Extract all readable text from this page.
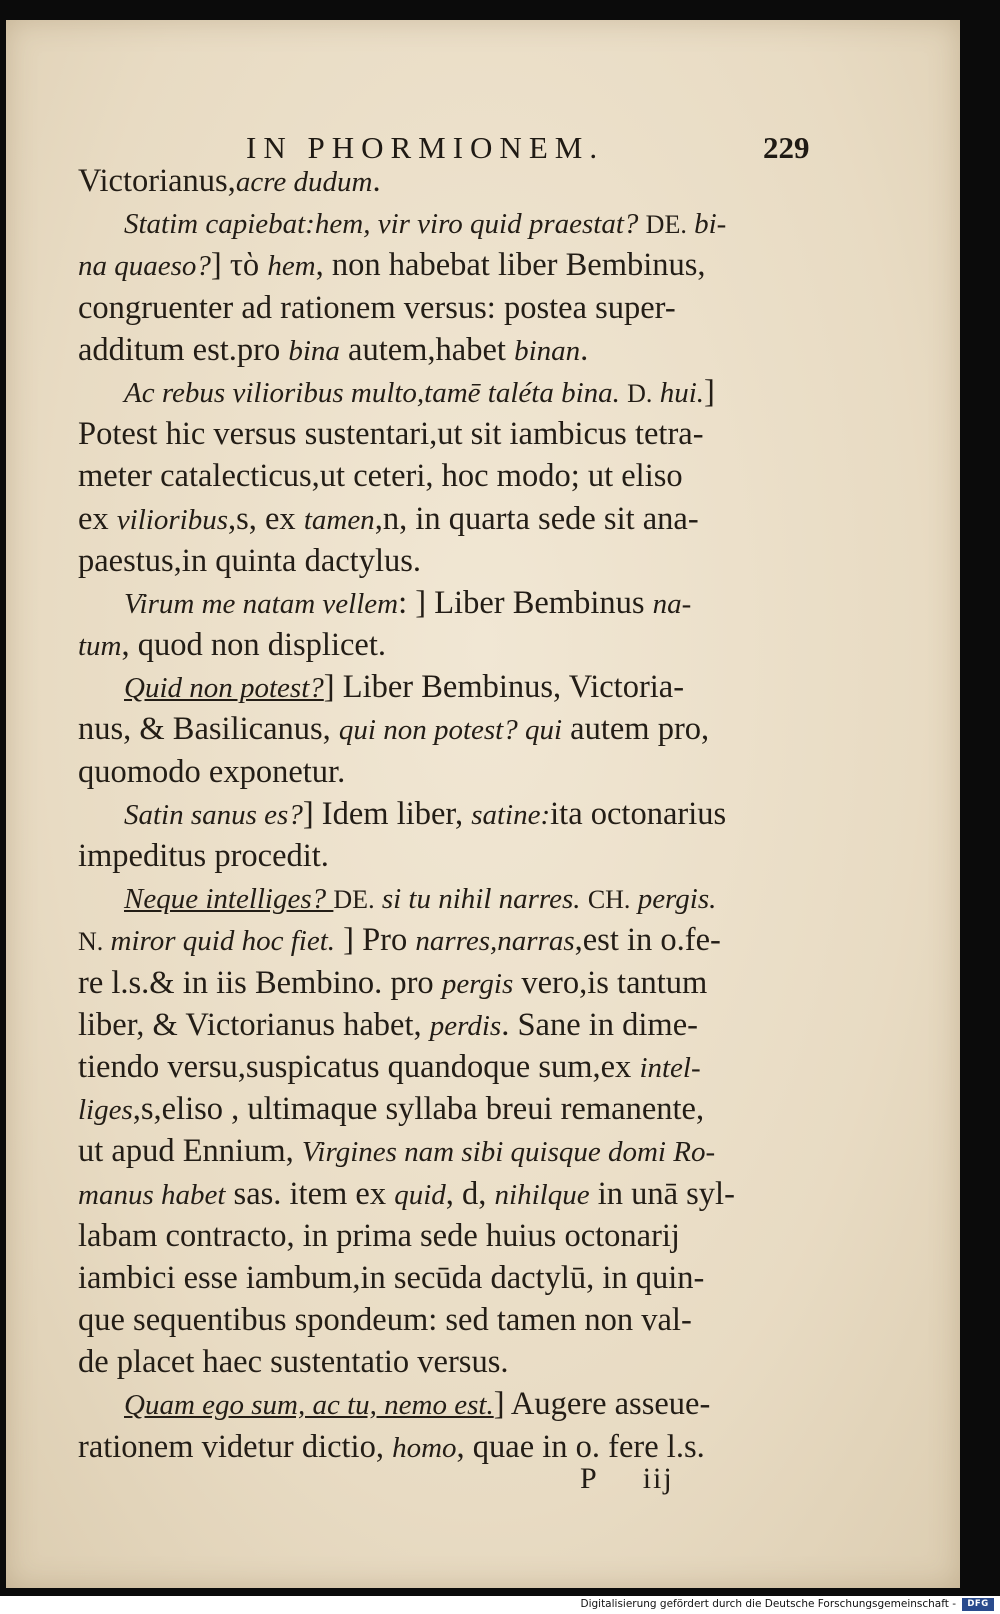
IN PHORMIONEM.	229
Victorianus,acre dudum.
Statim capiebat:hem, vir viro quid praestat? DE. bi-
na quaeso?] τὸ hem, non habebat liber Bembinus,
congruenter ad rationem versus: postea super-
additum est.pro bina autem,habet binan.
Ac rebus vilioribus multo,tamē taléta bina. D. hui.]
Potest hic versus sustentari,ut sit iambicus tetra-
meter catalecticus,ut ceteri, hoc modo; ut eliso
ex vilioribus,s, ex tamen,n, in quarta sede sit ana-
paestus,in quinta dactylus.
Virum me natam vellem: ] Liber Bembinus na-
tum, quod non displicet.
Quid non potest?] Liber Bembinus, Victoria-
nus, & Basilicanus, qui non potest? qui autem pro,
quomodo exponetur.
Satin sanus es?] Idem liber, satine:ita octonarius
impeditus procedit.
Neque intelliges? DE. si tu nihil narres. CH. pergis.
N. miror quid hoc fiet. ] Pro narres,narras,est in o.fe-
re l.s.& in iis Bembino. pro pergis vero,is tantum
liber, & Victorianus habet, perdis. Sane in dime-
tiendo versu,suspicatus quandoque sum,ex intel-
liges,s,eliso , ultimaque syllaba breui remanente,
ut apud Ennium, Virgines nam sibi quisque domi Ro-
manus habet sas. item ex quid, d, nihilque in unā syl-
labam contracto, in prima sede huius octonarij
iambici esse iambum,in secūda dactylū, in quin-
que sequentibus spondeum: sed tamen non val-
de placet haec sustentatio versus.
Quam ego sum, ac tu, nemo est.] Augere asseue-
rationem videtur dictio, homo, quae in o. fere l.s.
P iij
Digitalisierung gefördert durch die Deutsche Forschungsgemeinschaft -	DFG
